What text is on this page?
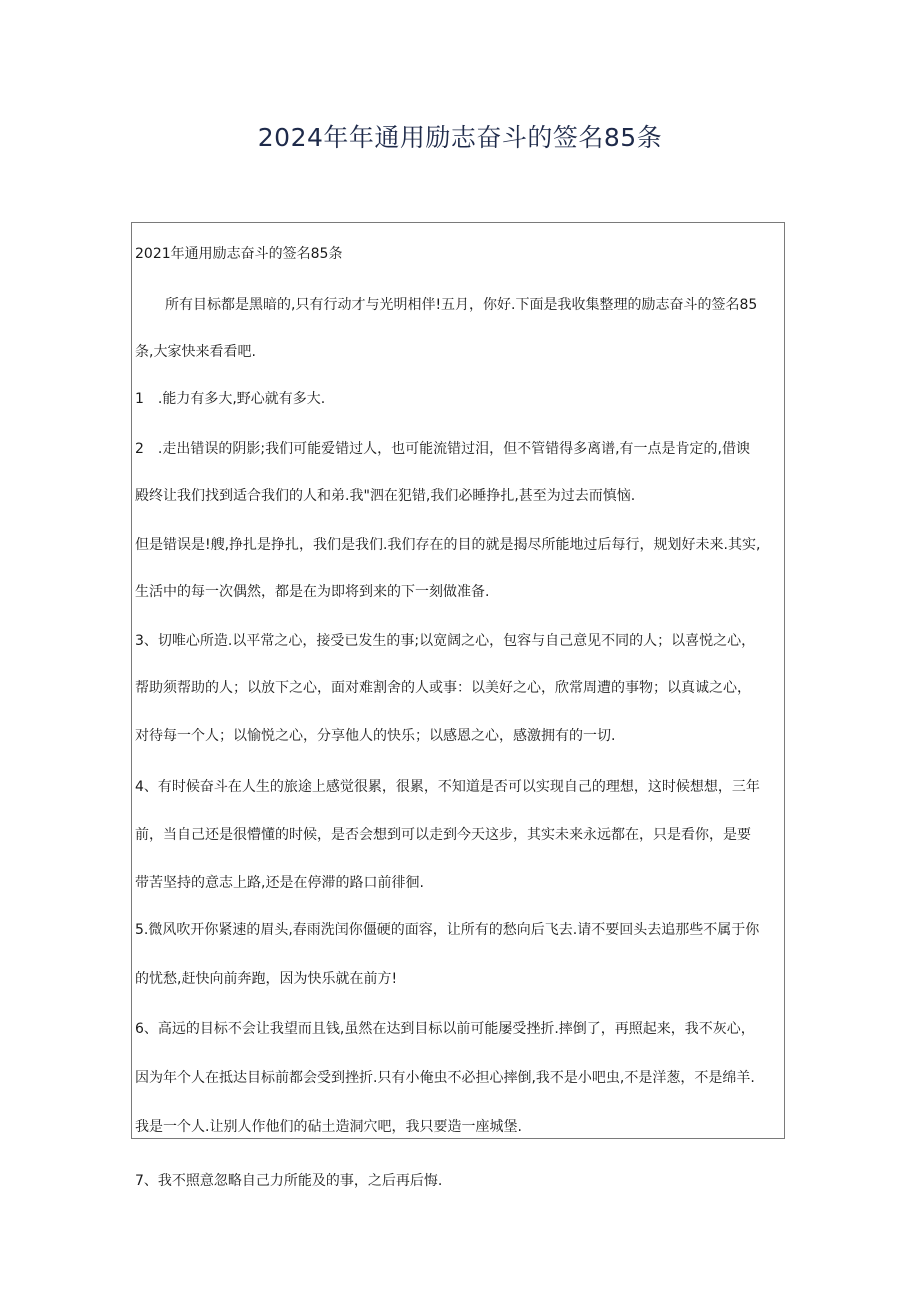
2024年年通用励志奋斗的签名85条
2021年通用励志奋斗的签名85条
所有目标都是黑暗的,只有行动才与光明相伴!五月，你好.下面是我收集整理的励志奋斗的签名85
条,大家快来看看吧.
1　.能力有多大,野心就有多大.
2　.走出错误的阴影;我们可能爱错过人，也可能流错过泪，但不管错得多离谱,有一点是肯定的,借谀
殿终让我们找到适合我们的人和弟.我"泗在犯错,我们必睡挣扎,甚至为过去而慎恼.
但是错误是!艘,挣扎是挣扎，我们是我们.我们存在的目的就是揭尽所能地过后每行，规划好未来.其实,
生活中的每一次偶然，都是在为即将到来的下一刻做准备.
3、切唯心所造.以平常之心，接受已发生的事;以宽阔之心，包容与自己意见不同的人；以喜悦之心，
帮助须帮助的人；以放下之心，面对难割舍的人或事：以美好之心，欣常周遭的事物；以真诚之心，
对待每一个人；以愉悦之心，分享他人的快乐；以感恩之心，感激拥有的一切.
4、有时候奋斗在人生的旅途上感觉很累，很累，不知道是否可以实现自己的理想，这时候想想，三年
前，当自己还是很懵懂的时候，是否会想到可以走到今天这步，其实未来永远都在，只是看你，是要
带苦坚持的意志上路,还是在停滞的路口前徘徊.
5.微风吹开你紧速的眉头,春雨洗闰你僵硬的面容，让所有的愁向后飞去.请不要回头去追那些不属于你
的忧愁,赶快向前奔跑，因为快乐就在前方!
6、高远的目标不会让我望而且钱,虽然在达到目标以前可能屡受挫折.摔倒了，再照起来，我不灰心，
因为年个人在抵达目标前都会受到挫折.只有小俺虫不必担心摔倒,我不是小吧虫,不是洋葱，不是绵羊.
我是一个人.让别人作他们的砧土造洞穴吧，我只要造一座城堡.
7、我不照意忽略自己力所能及的事，之后再后悔.
